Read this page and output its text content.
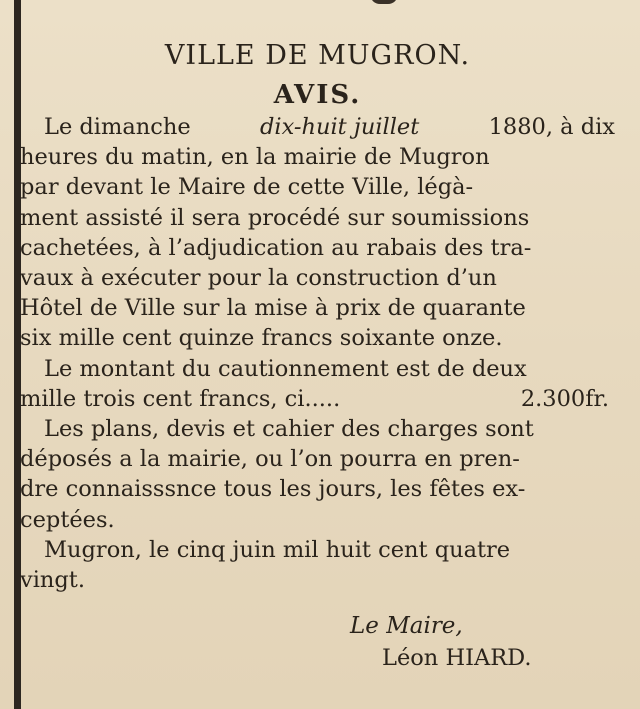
VILLE DE MUGRON.
AVIS.
Le dimanche	dix-huit juillet	1880, à dix
heures du matin, en la mairie de Mugron
par devant le Maire de cette Ville, légà-
ment assisté il sera procédé sur soumissions
cachetées, à l’adjudication au rabais des tra-
vaux à exécuter pour la construction d’un
Hôtel de Ville sur la mise à prix de quarante
six mille cent quinze francs soixante onze.
Le montant du cautionnement est de deux
mille trois cent francs, ci.....	2.300fr.
Les plans, devis et cahier des charges sont
déposés a la mairie, ou l’on pourra en pren-
dre connaisssnce tous les jours, les fêtes ex-
ceptées.
Mugron, le cinq juin mil huit cent quatre
vingt.
Le Maire,
Léon HIARD.
